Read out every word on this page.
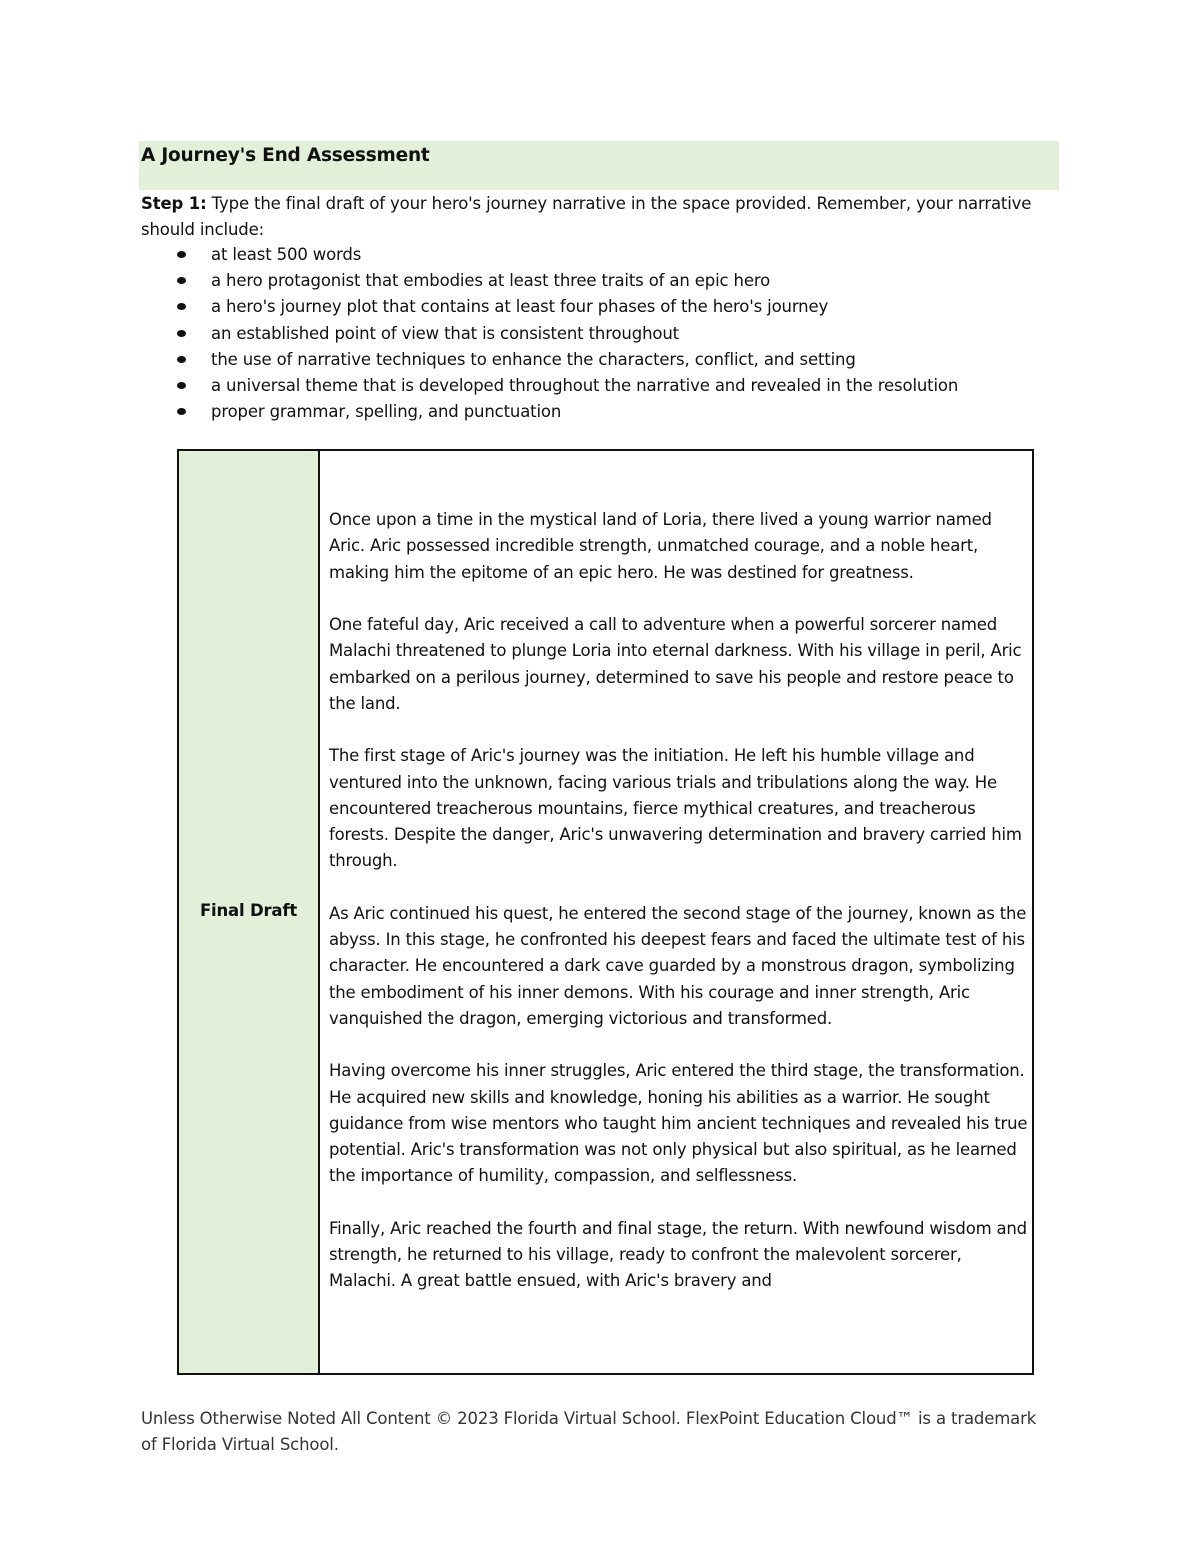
A Journey's End Assessment
Step 1: Type the final draft of your hero's journey narrative in the space provided. Remember, your narrative should include:
at least 500 words
a hero protagonist that embodies at least three traits of an epic hero
a hero's journey plot that contains at least four phases of the hero's journey
an established point of view that is consistent throughout
the use of narrative techniques to enhance the characters, conflict, and setting
a universal theme that is developed throughout the narrative and revealed in the resolution
proper grammar, spelling, and punctuation
Final Draft

Once upon a time in the mystical land of Loria, there lived a young warrior named Aric. Aric possessed incredible strength, unmatched courage, and a noble heart, making him the epitome of an epic hero. He was destined for greatness.

One fateful day, Aric received a call to adventure when a powerful sorcerer named Malachi threatened to plunge Loria into eternal darkness. With his village in peril, Aric embarked on a perilous journey, determined to save his people and restore peace to the land.

The first stage of Aric's journey was the initiation. He left his humble village and ventured into the unknown, facing various trials and tribulations along the way. He encountered treacherous mountains, fierce mythical creatures, and treacherous forests. Despite the danger, Aric's unwavering determination and bravery carried him through.

As Aric continued his quest, he entered the second stage of the journey, known as the abyss. In this stage, he confronted his deepest fears and faced the ultimate test of his character. He encountered a dark cave guarded by a monstrous dragon, symbolizing the embodiment of his inner demons. With his courage and inner strength, Aric vanquished the dragon, emerging victorious and transformed.

Having overcome his inner struggles, Aric entered the third stage, the transformation. He acquired new skills and knowledge, honing his abilities as a warrior. He sought guidance from wise mentors who taught him ancient techniques and revealed his true potential. Aric's transformation was not only physical but also spiritual, as he learned the importance of humility, compassion, and selflessness.

Finally, Aric reached the fourth and final stage, the return. With newfound wisdom and strength, he returned to his village, ready to confront the malevolent sorcerer, Malachi. A great battle ensued, with Aric's bravery and

Unless Otherwise Noted All Content © 2023 Florida Virtual School. FlexPoint Education Cloud™ is a trademark of Florida Virtual School.
